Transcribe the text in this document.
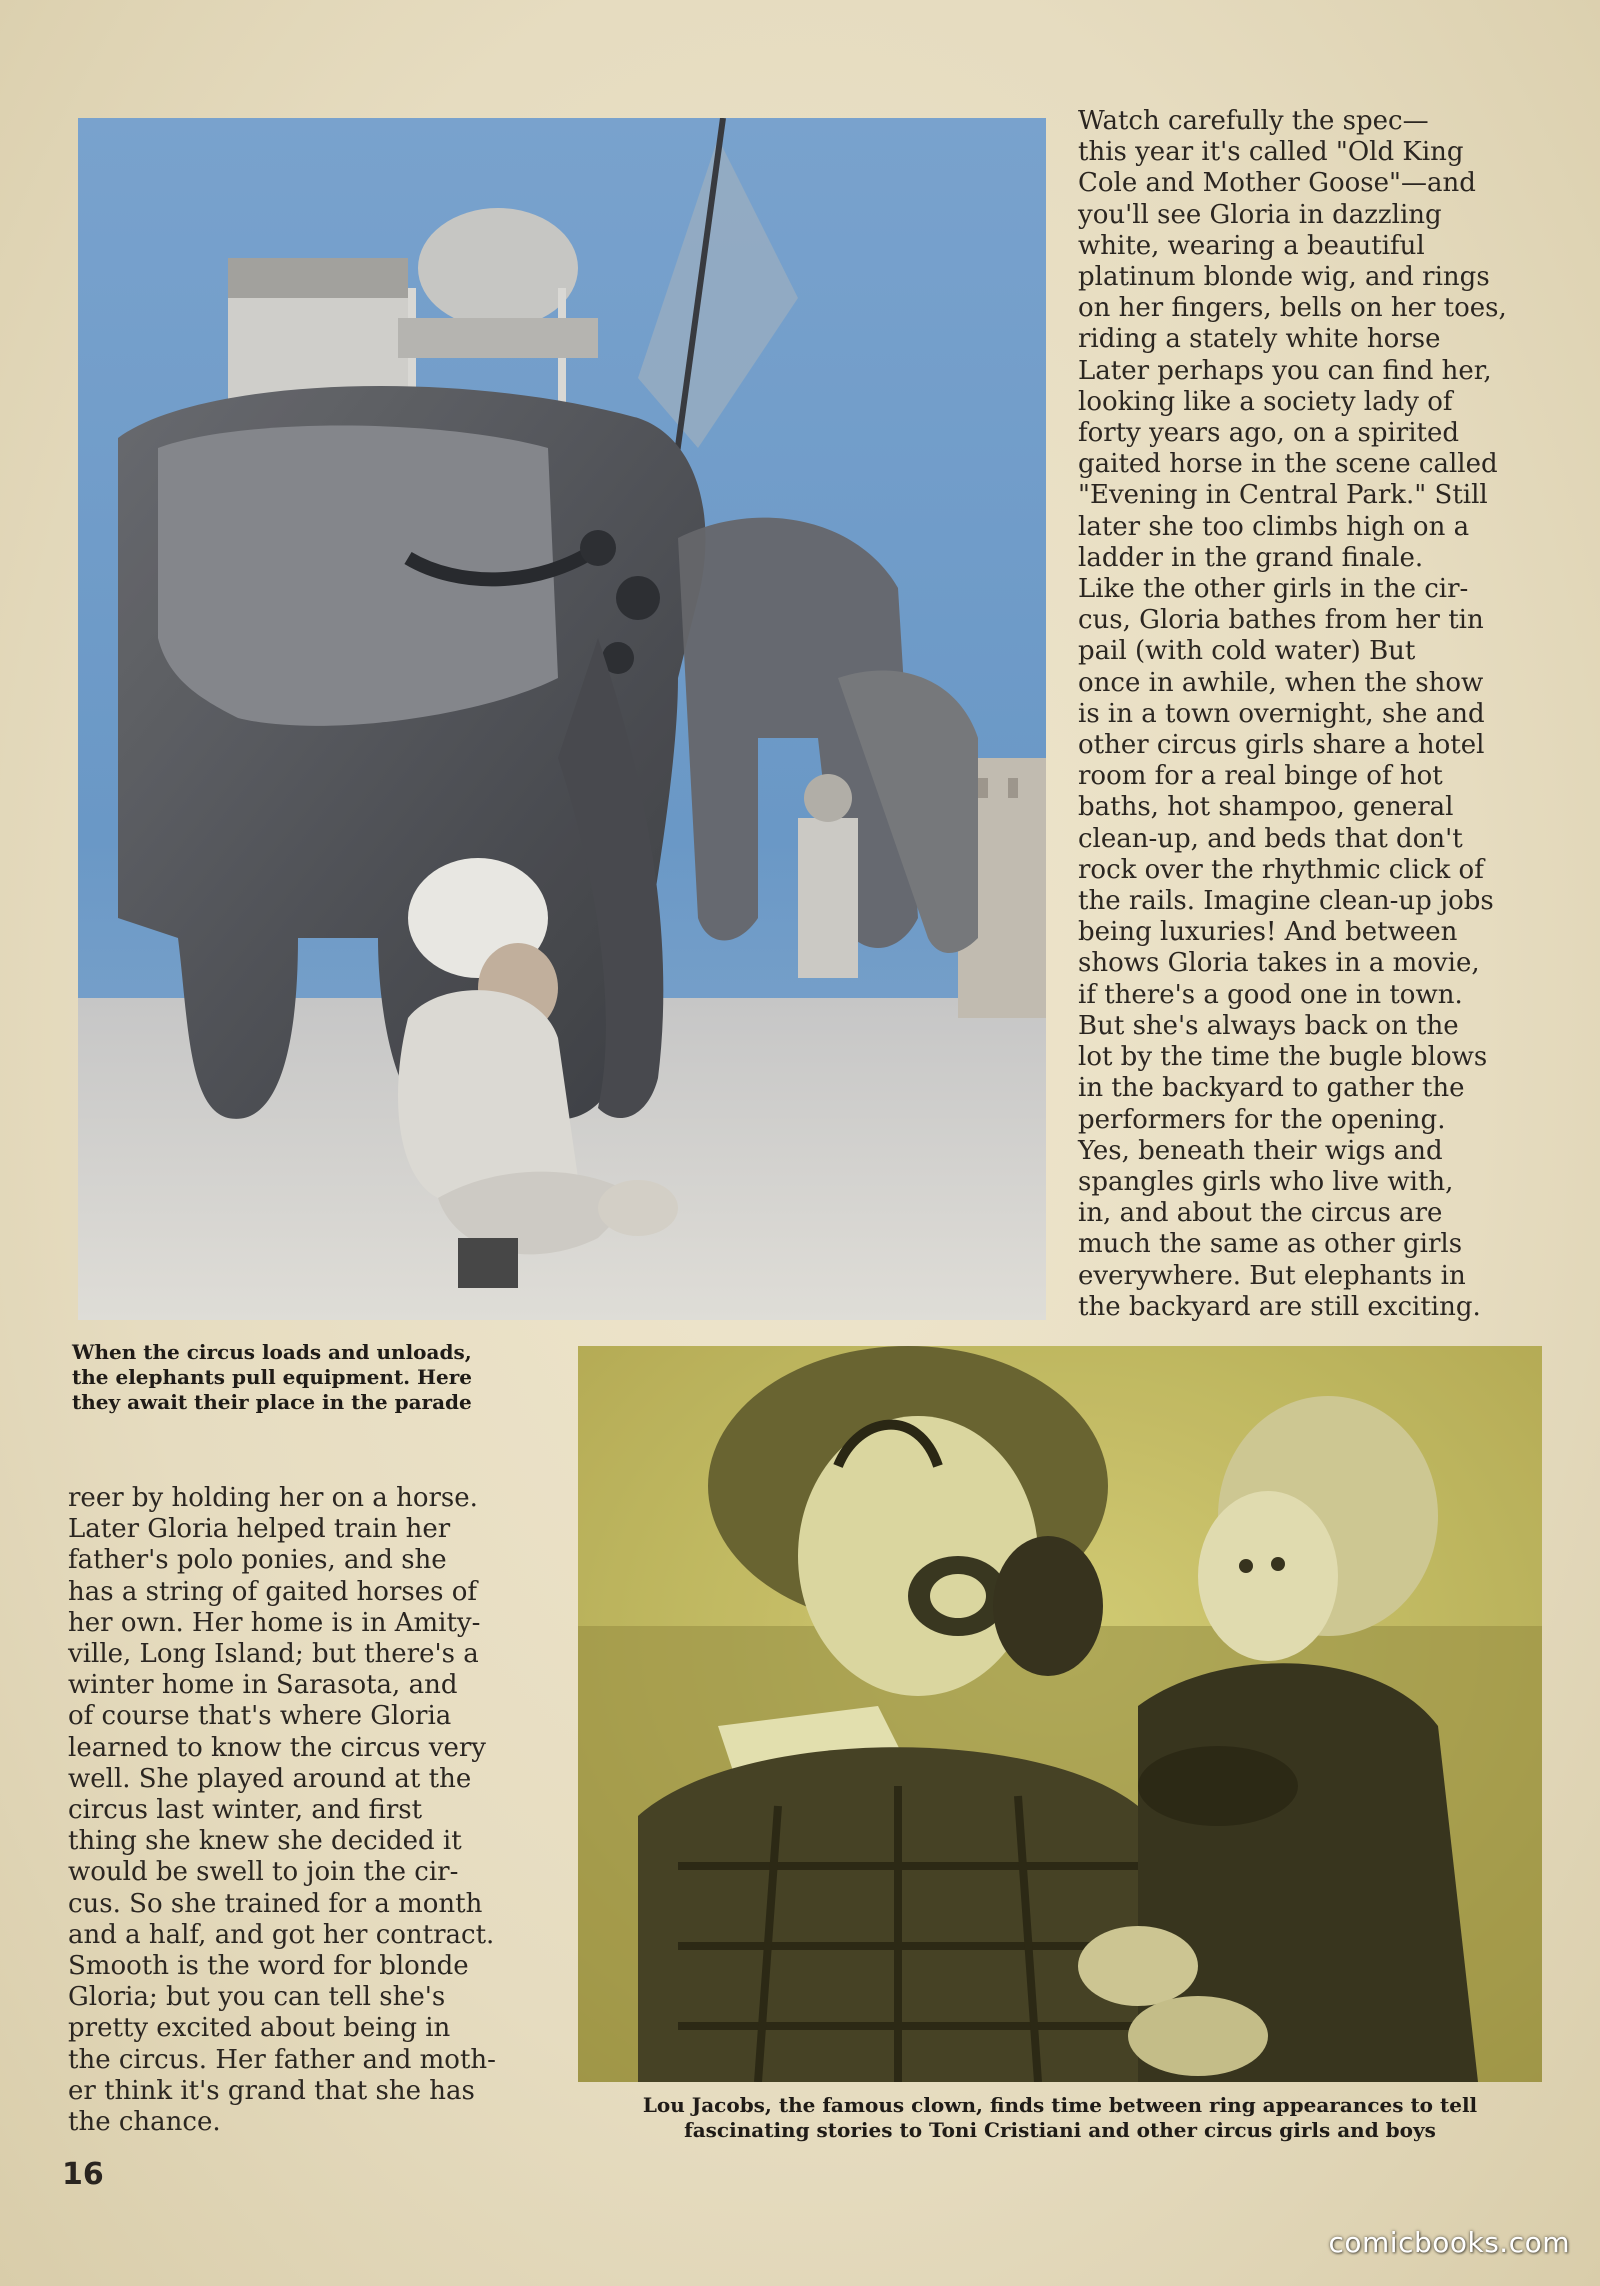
Watch carefully the spec—
this year it's called "Old King
Cole and Mother Goose"—and
you'll see Gloria in dazzling
white, wearing a beautiful
platinum blonde wig, and rings
on her fingers, bells on her toes,
riding a stately white horse
Later perhaps you can find her,
looking like a society lady of
forty years ago, on a spirited
gaited horse in the scene called
"Evening in Central Park." Still
later she too climbs high on a
ladder in the grand finale.

Like the other girls in the cir-
cus, Gloria bathes from her tin
pail (with cold water) But
once in awhile, when the show
is in a town overnight, she and
other circus girls share a hotel
room for a real binge of hot
baths, hot shampoo, general
clean-up, and beds that don't
rock over the rhythmic click of
the rails. Imagine clean-up jobs
being luxuries! And between
shows Gloria takes in a movie,
if there's a good one in town.
But she's always back on the
lot by the time the bugle blows
in the backyard to gather the
performers for the opening.

Yes, beneath their wigs and
spangles girls who live with,
in, and about the circus are
much the same as other girls
everywhere. But elephants in
the backyard are still exciting.

When the circus loads and unloads,
the elephants pull equipment. Here
they await their place in the parade

Lou Jacobs, the famous clown, finds time between ring appearances to tell
fascinating stories to Toni Cristiani and other circus girls and boys

reer by holding her on a horse.
Later Gloria helped train her
father's polo ponies, and she
has a string of gaited horses of
her own. Her home is in Amity-
ville, Long Island; but there's a
winter home in Sarasota, and
of course that's where Gloria
learned to know the circus very
well. She played around at the
circus last winter, and first
thing she knew she decided it
would be swell to join the cir-
cus. So she trained for a month
and a half, and got her contract.
Smooth is the word for blonde
Gloria; but you can tell she's
pretty excited about being in
the circus. Her father and moth-
er think it's grand that she has
the chance.

16
comicbooks.com
